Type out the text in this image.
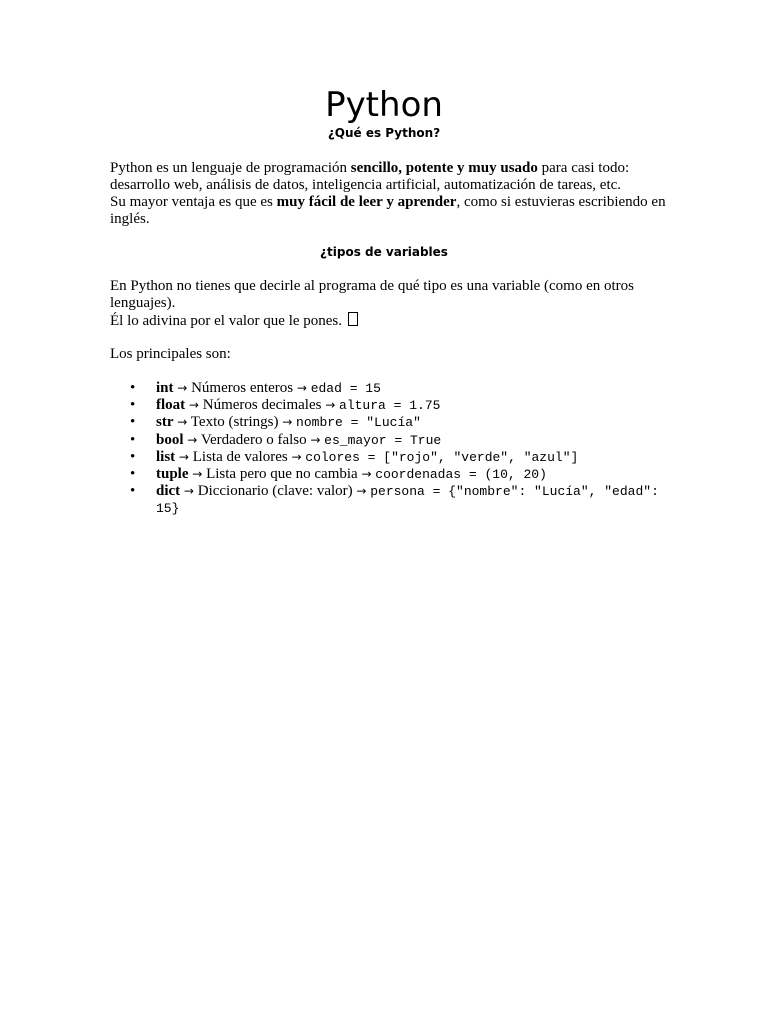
Python
¿Qué es Python?

Python es un lenguaje de programación sencillo, potente y muy usado para casi todo: desarrollo web, análisis de datos, inteligencia artificial, automatización de tareas, etc.
Su mayor ventaja es que es muy fácil de leer y aprender, como si estuvieras escribiendo en inglés.

¿tipos de variables

En Python no tienes que decirle al programa de qué tipo es una variable (como en otros lenguajes).
Él lo adivina por el valor que le pones.

Los principales son:

•	int → Números enteros → edad = 15
•	float → Números decimales → altura = 1.75
•	str → Texto (strings) → nombre = "Lucía"
•	bool → Verdadero o falso → es_mayor = True
•	list → Lista de valores → colores = ["rojo", "verde", "azul"]
•	tuple → Lista pero que no cambia → coordenadas = (10, 20)
•	dict → Diccionario (clave: valor) → persona = {"nombre": "Lucía", "edad": 15}
